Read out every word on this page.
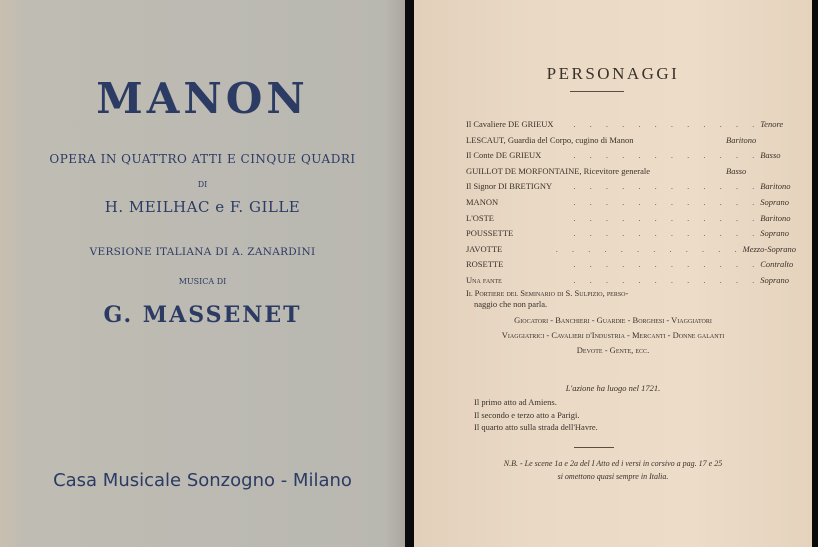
MANON
OPERA IN QUATTRO ATTI E CINQUE QUADRI
DI
H. MEILHAC e F. GILLE
VERSIONE ITALIANA DI A. ZANARDINI
MUSICA DI
G. MASSENET
Casa Musicale Sonzogno - Milano
PERSONAGGI
Il Cavaliere DE GRIEUX	. . . . . . . . . . . . Tenore
LESCAUT, Guardia del Corpo, cugino di Manon	Baritono
Il Conte DE GRIEUX	. . . . . . . . . . . . Basso
GUILLOT DE MORFONTAINE, Ricevitore generale	Basso
Il Signor DI BRETIGNY	. . . . . . . . . . . . Baritono
MANON	. . . . . . . . . . . . Soprano
L'OSTE	. . . . . . . . . . . . Baritono
POUSSETTE	. . . . . . . . . . . . Soprano
JAVOTTE	. . . . . . . . . . . . Mezzo-Soprano
ROSETTE	. . . . . . . . . . . . Contralto
Una fante	. . . . . . . . . . . . Soprano
Il Portiere del Seminario di S. Sulpizio, perso-
naggio che non parla.
Giocatori - Banchieri - Guardie - Borghesi - Viaggiatori
Viaggiatrici - Cavalieri d'Industria - Mercanti - Donne galanti
Devote - Gente, ecc.
L'azione ha luogo nel 1721.
Il primo atto ad Amiens.
Il secondo e terzo atto a Parigi.
Il quarto atto sulla strada dell'Havre.
N.B. - Le scene 1a e 2a del I Atto ed i versi in corsivo a pag. 17 e 25
si omettono quasi sempre in Italia.
